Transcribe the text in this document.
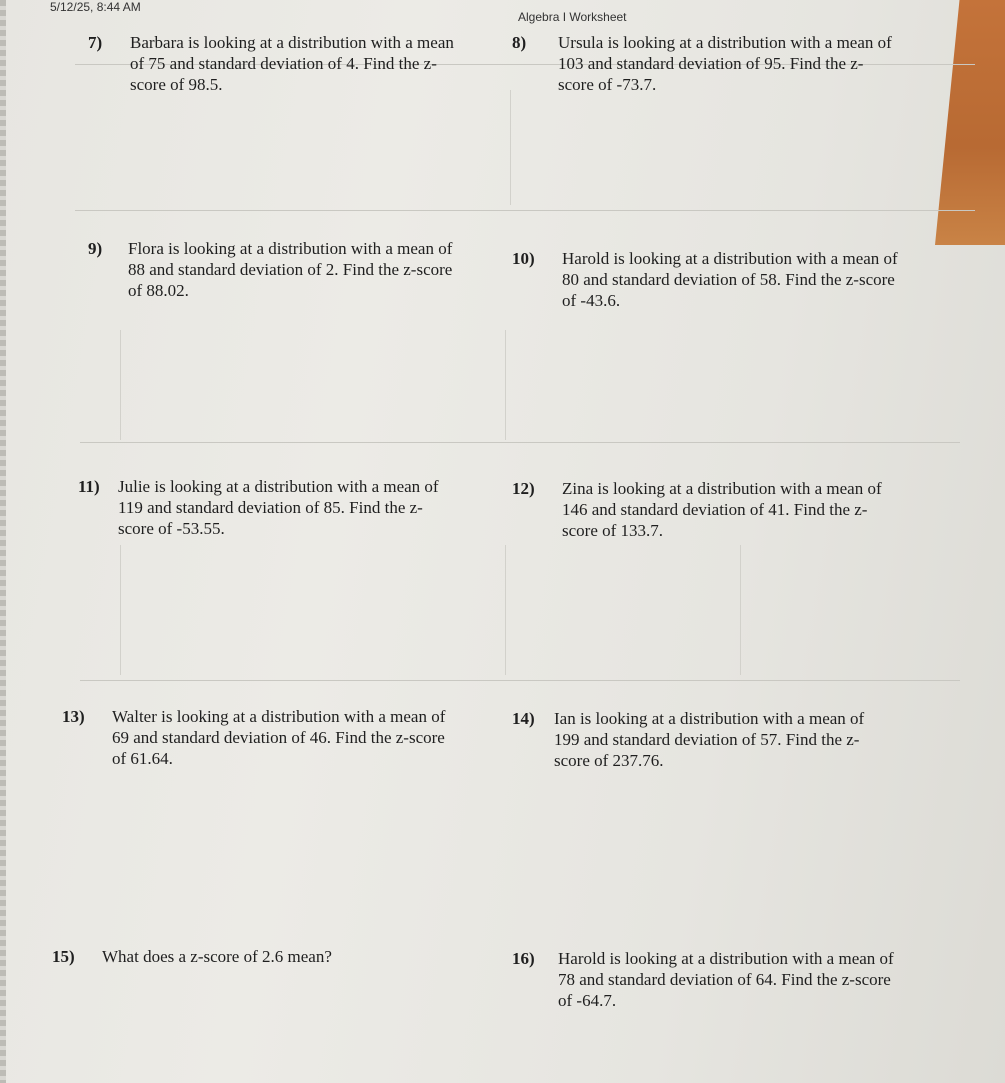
5/12/25, 8:44 AM
Algebra I Worksheet
7) Barbara is looking at a distribution with a mean
of 75 and standard deviation of 4. Find the z-
score of 98.5.
8) Ursula is looking at a distribution with a mean of
103 and standard deviation of 95. Find the z-
score of -73.7.
9) Flora is looking at a distribution with a mean of
88 and standard deviation of 2. Find the z-score
of 88.02.
10) Harold is looking at a distribution with a mean of
80 and standard deviation of 58. Find the z-score
of -43.6.
11) Julie is looking at a distribution with a mean of
119 and standard deviation of 85. Find the z-
score of -53.55.
12) Zina is looking at a distribution with a mean of
146 and standard deviation of 41. Find the z-
score of 133.7.
13) Walter is looking at a distribution with a mean of
69 and standard deviation of 46. Find the z-score
of 61.64.
14) Ian is looking at a distribution with a mean of
199 and standard deviation of 57. Find the z-
score of 237.76.
15) What does a z-score of 2.6 mean?	16) Harold is looking at a distribution with a mean of
78 and standard deviation of 64. Find the z-score
of -64.7.
